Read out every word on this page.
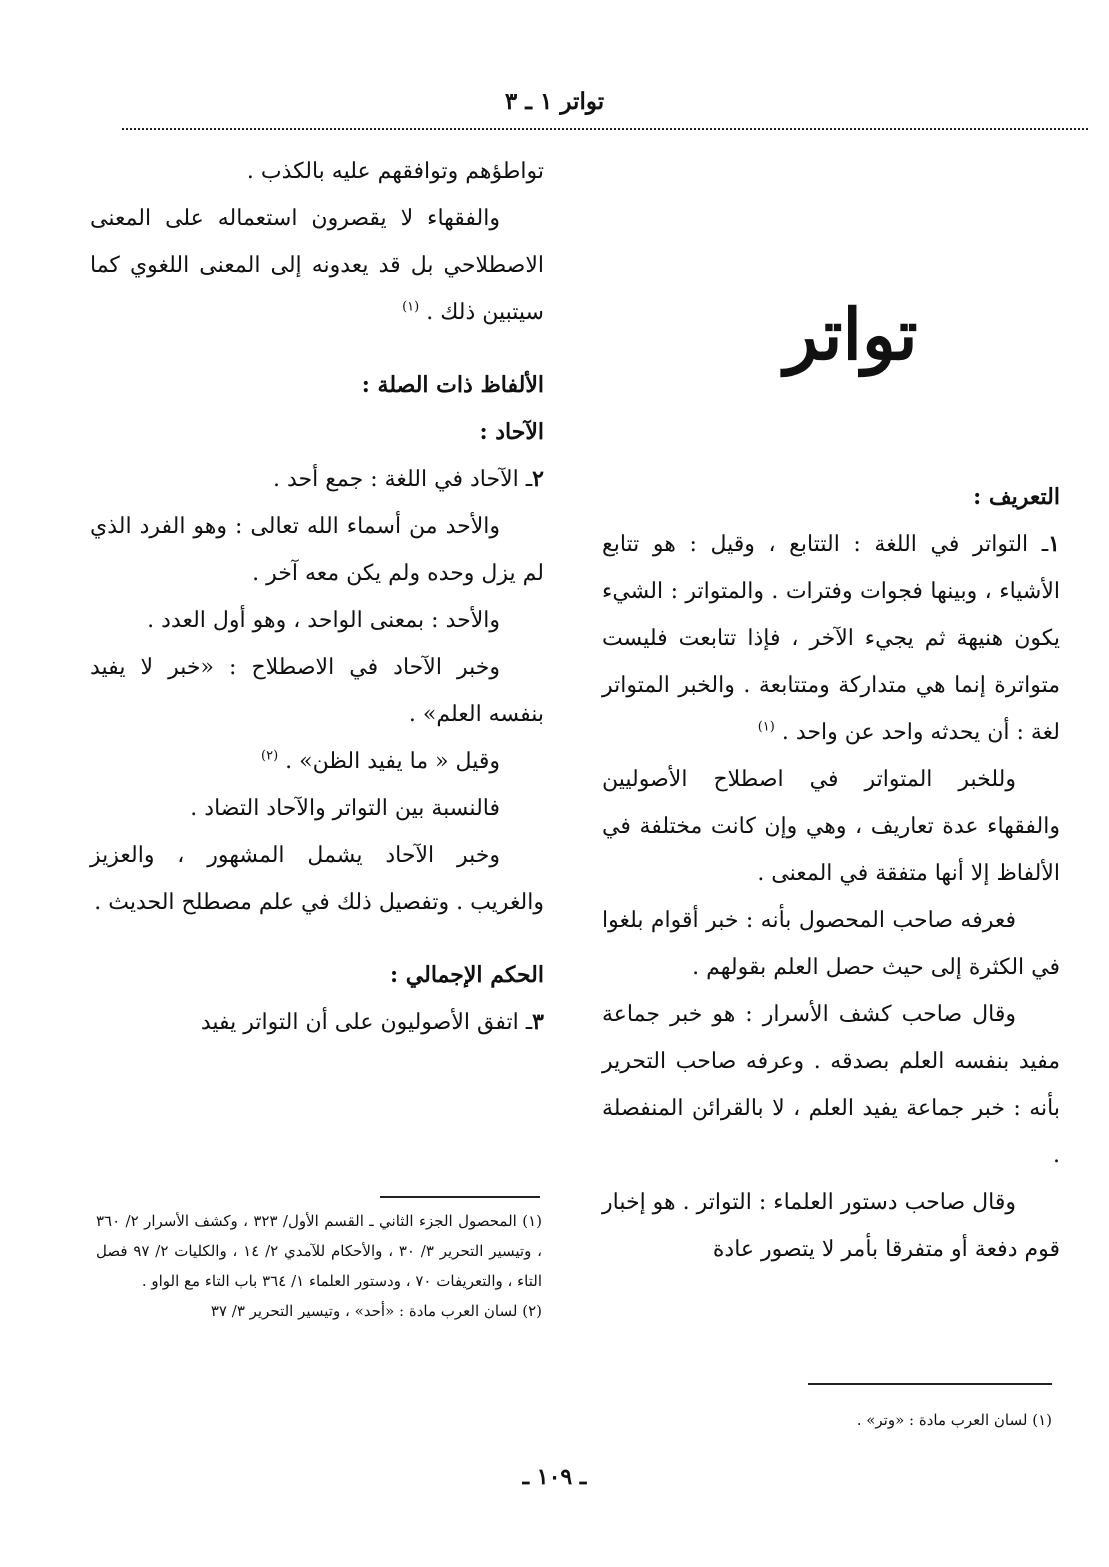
تواتر ١ ـ ٣
تواتر

التعريف :

١ـ التواتر في اللغة : التتابع ، وقيل : هو تتابع الأشياء ، وبينها فجوات وفترات . والمتواتر : الشيء يكون هنيهة ثم يجيء الآخر ، فإذا تتابعت فليست متواترة إنما هي متداركة ومتتابعة . والخبر المتواتر لغة : أن يحدثه واحد عن واحد . $^{(١)}$

وللخبر المتواتر في اصطلاح الأصوليين والفقهاء عدة تعاريف ، وهي وإن كانت مختلفة في الألفاظ إلا أنها متفقة في المعنى .

فعرفه صاحب المحصول بأنه : خبر أقوام بلغوا في الكثرة إلى حيث حصل العلم بقولهم .

وقال صاحب كشف الأسرار : هو خبر جماعة مفيد بنفسه العلم بصدقه . وعرفه صاحب التحرير بأنه : خبر جماعة يفيد العلم ، لا بالقرائن المنفصلة .

وقال صاحب دستور العلماء : التواتر . هو إخبار قوم دفعة أو متفرقا بأمر لا يتصور عادة

تواطؤهم وتوافقهم عليه بالكذب .

والفقهاء لا يقصرون استعماله على المعنى الاصطلاحي بل قد يعدونه إلى المعنى اللغوي كما سيتبين ذلك . $^{(١)}$

الألفاظ ذات الصلة :

الآحاد :

٢ـ الآحاد في اللغة : جمع أحد .

والأحد من أسماء الله تعالى : وهو الفرد الذي لم يزل وحده ولم يكن معه آخر .

والأحد : بمعنى الواحد ، وهو أول العدد .

وخبر الآحاد في الاصطلاح : «خبر لا يفيد بنفسه العلم» .

وقيل « ما يفيد الظن» . $^{(٢)}$

فالنسبة بين التواتر والآحاد التضاد .

وخبر الآحاد يشمل المشهور ، والعزيز والغريب . وتفصيل ذلك في علم مصطلح الحديث .

الحكم الإجمالي :

٣ـ اتفق الأصوليون على أن التواتر يفيد

(١) المحصول الجزء الثاني ـ القسم الأول/ ٣٢٣ ، وكشف الأسرار ٢/ ٣٦٠ ، وتيسير التحرير ٣/ ٣٠ ، والأحكام للآمدي ٢/ ١٤ ، والكليات ٢/ ٩٧ فصل التاء ، والتعريفات ٧٠ ، ودستور العلماء ١/ ٣٦٤ باب التاء مع الواو .

(٢) لسان العرب مادة : «أحد» ، وتيسير التحرير ٣/ ٣٧

(١) لسان العرب مادة : «وتر» .

ـ ١٠٩ ـ
